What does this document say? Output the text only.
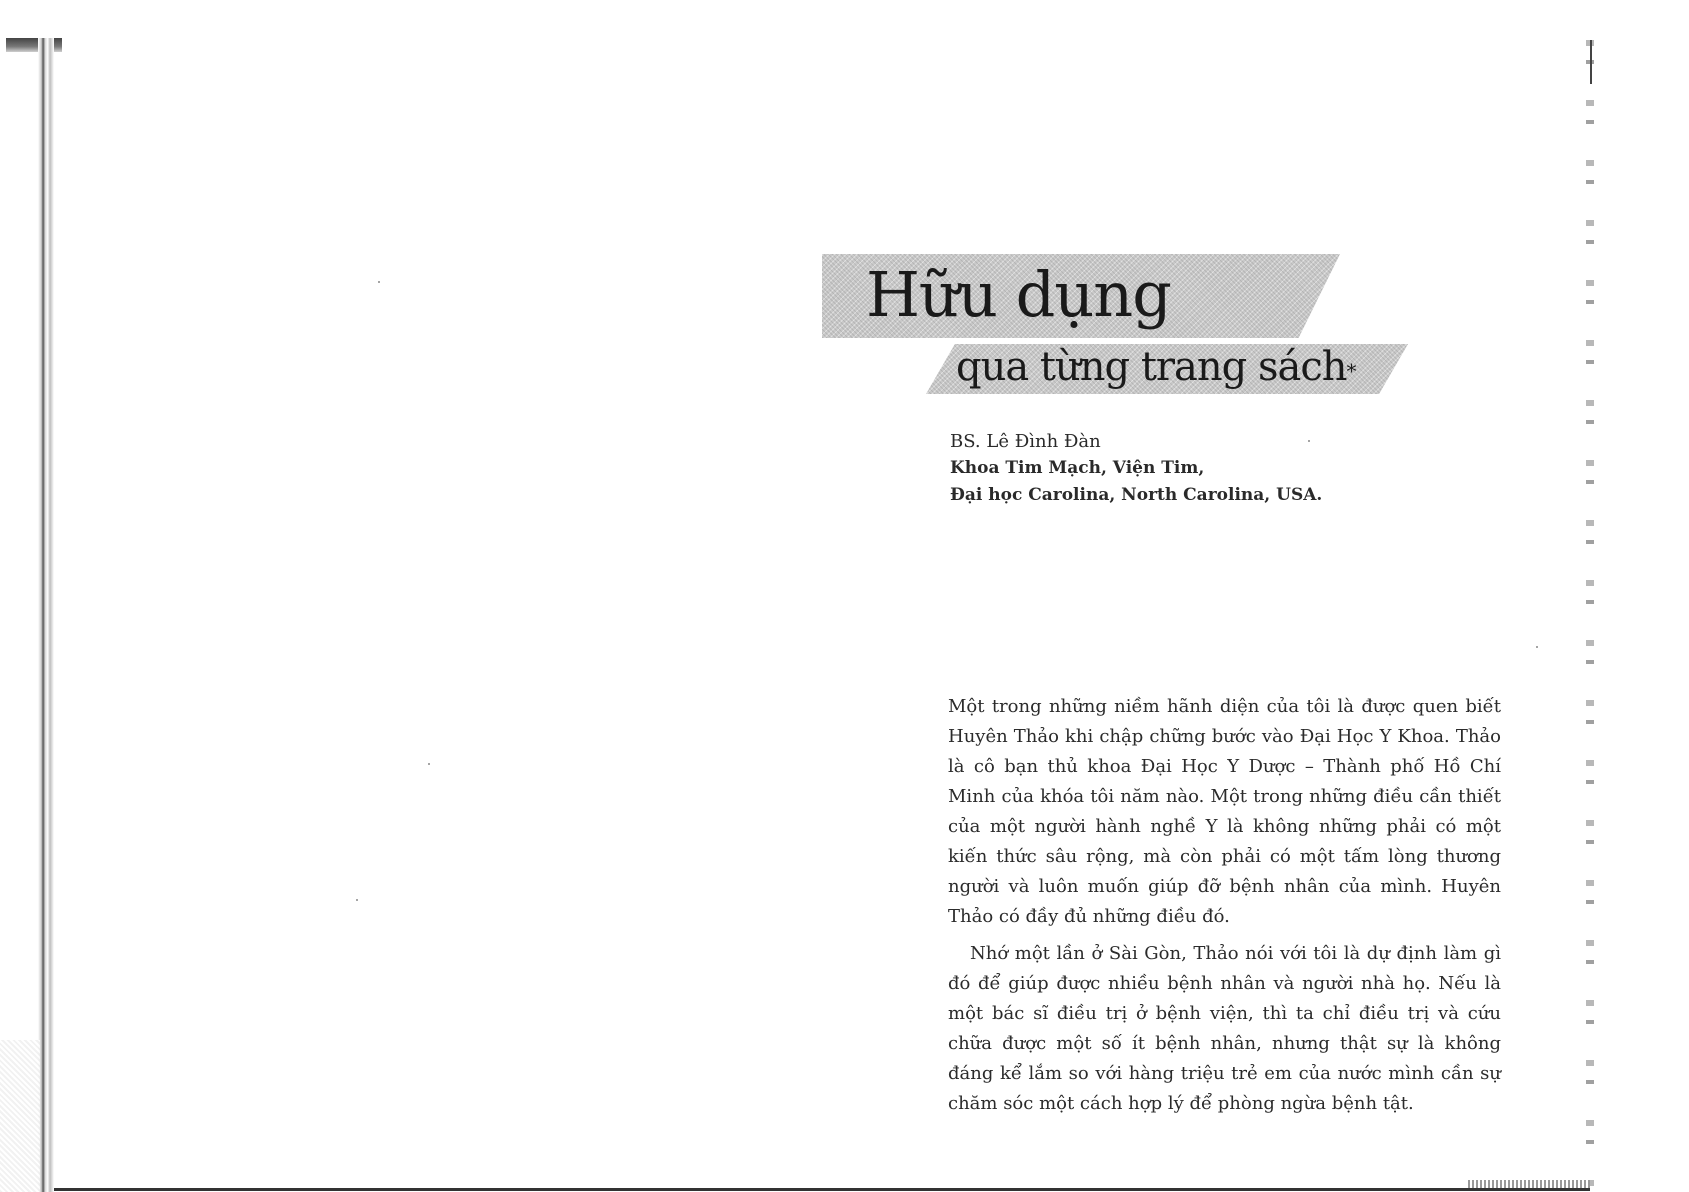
Hữu dụng
qua từng trang sách*
BS. Lê Đình Đàn
Khoa Tim Mạch, Viện Tim,
Đại học Carolina, North Carolina, USA.

Một trong những niềm hãnh diện của tôi là được quen biết Huyên Thảo khi chập chững bước vào Đại Học Y Khoa. Thảo là cô bạn thủ khoa Đại Học Y Dược – Thành phố Hồ Chí Minh của khóa tôi năm nào. Một trong những điều cần thiết của một người hành nghề Y là không những phải có một kiến thức sâu rộng, mà còn phải có một tấm lòng thương người và luôn muốn giúp đỡ bệnh nhân của mình. Huyên Thảo có đầy đủ những điều đó.

Nhớ một lần ở Sài Gòn, Thảo nói với tôi là dự định làm gì đó để giúp được nhiều bệnh nhân và người nhà họ. Nếu là một bác sĩ điều trị ở bệnh viện, thì ta chỉ điều trị và cứu chữa được một số ít bệnh nhân, nhưng thật sự là không đáng kể lắm so với hàng triệu trẻ em của nước mình cần sự chăm sóc một cách hợp lý để phòng ngừa bệnh tật.
